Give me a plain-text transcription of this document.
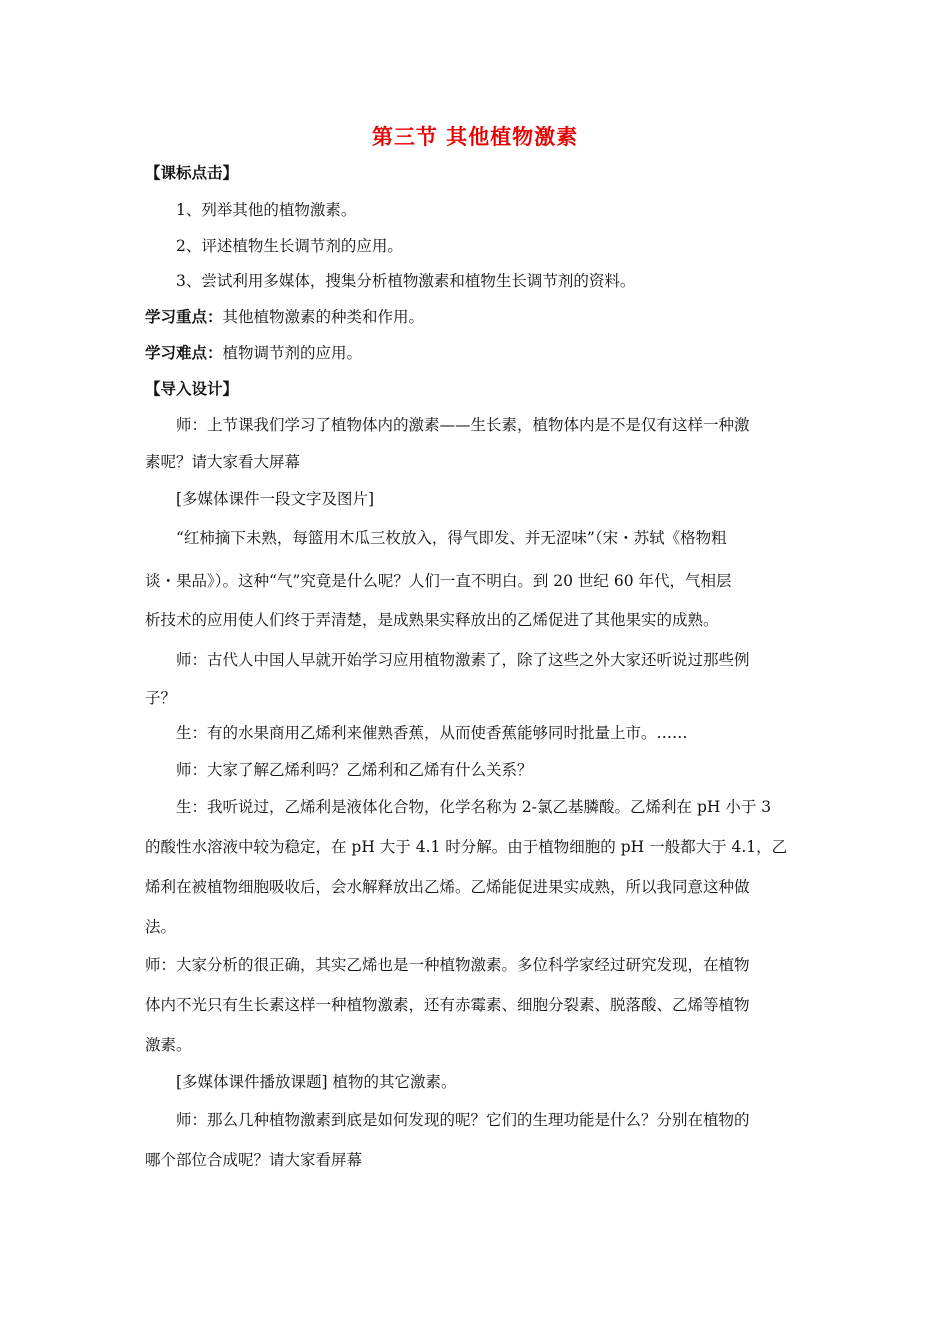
第三节 其他植物激素
【课标点击】
1、列举其他的植物激素。
2、评述植物生长调节剂的应用。
3、尝试利用多媒体，搜集分析植物激素和植物生长调节剂的资料。
学习重点：其他植物激素的种类和作用。
学习难点：植物调节剂的应用。
【导入设计】
师：上节课我们学习了植物体内的激素——生长素，植物体内是不是仅有这样一种激
素呢？请大家看大屏幕
[多媒体课件一段文字及图片]
“红柿摘下未熟，每篮用木瓜三枚放入，得气即发、并无涩味”（宋・苏轼《格物粗
谈・果品》）。这种“气”究竟是什么呢？人们一直不明白。到 20 世纪 60 年代，气相层
析技术的应用使人们终于弄清楚，是成熟果实释放出的乙烯促进了其他果实的成熟。
师：古代人中国人早就开始学习应用植物激素了，除了这些之外大家还听说过那些例
子？
生：有的水果商用乙烯利来催熟香蕉，从而使香蕉能够同时批量上市。……
师：大家了解乙烯利吗？乙烯利和乙烯有什么关系？
生：我听说过，乙烯利是液体化合物，化学名称为 2-氯乙基膦酸。乙烯利在 pH 小于 3
的酸性水溶液中较为稳定，在 pH 大于 4.1 时分解。由于植物细胞的 pH 一般都大于 4.1，乙
烯利在被植物细胞吸收后，会水解释放出乙烯。乙烯能促进果实成熟，所以我同意这种做
法。
师：大家分析的很正确，其实乙烯也是一种植物激素。多位科学家经过研究发现，在植物
体内不光只有生长素这样一种植物激素，还有赤霉素、细胞分裂素、脱落酸、乙烯等植物
激素。
[多媒体课件播放课题] 植物的其它激素。
师：那么几种植物激素到底是如何发现的呢？它们的生理功能是什么？分别在植物的
哪个部位合成呢？请大家看屏幕
